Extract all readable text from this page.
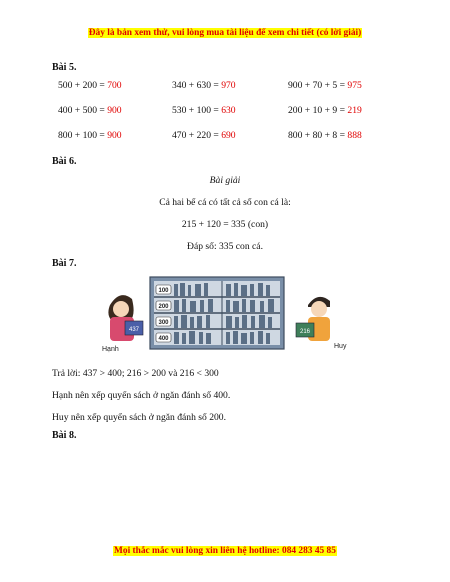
Đây là bản xem thử, vui lòng mua tài liệu để xem chi tiết (có lời giải)
Bài 5.
500 + 200 = 700	340 + 630 = 970	900 + 70 + 5 = 975
400 + 500 = 900	530 + 100 = 630	200 + 10 + 9 = 219
800 + 100 = 900	470 + 220 = 690	800 + 80 + 8 = 888
Bài 6.
Bài giải
Cả hai bể cá có tất cả số con cá là:
215 + 120 = 335 (con)
Đáp số: 335 con cá.
Bài 7.
437
Hạnh
100
200
300
400
216
Huy
Trả lời: 437 > 400; 216 > 200 và 216 < 300
Hạnh nên xếp quyển sách ở ngăn đánh số 400.
Huy nên xếp quyển sách ở ngăn đánh số 200.
Bài 8.
Mọi thắc mắc vui lòng xin liên hệ hotline: 084 283 45 85
